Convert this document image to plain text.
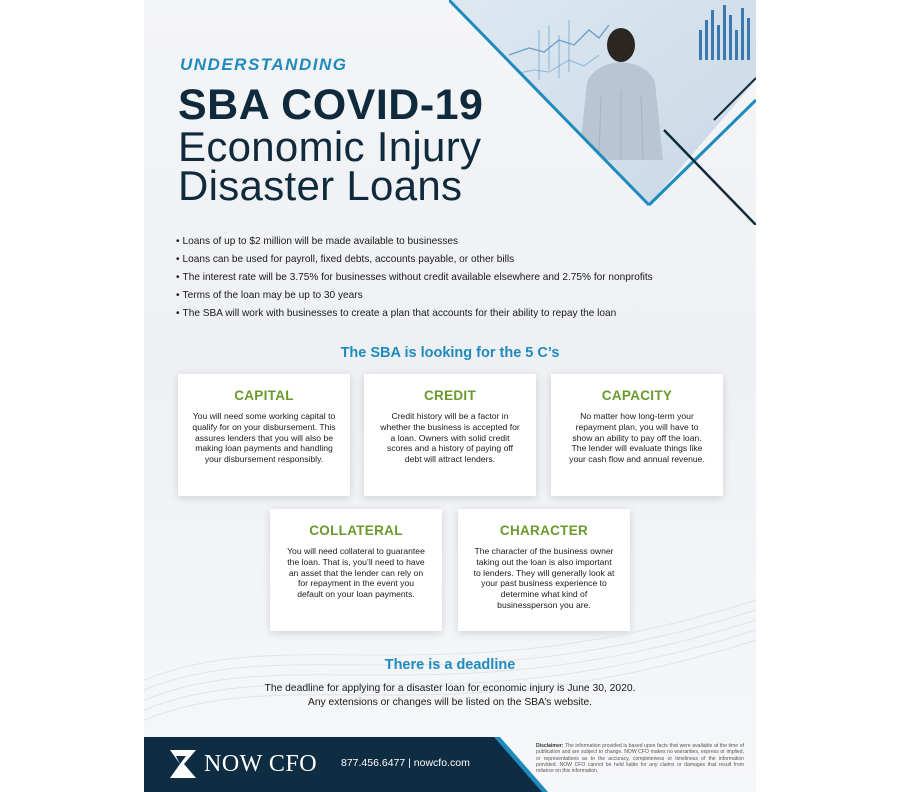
UNDERSTANDING
SBA COVID-19
Economic Injury
Disaster Loans
• Loans of up to $2 million will be made available to businesses
• Loans can be used for payroll, fixed debts, accounts payable, or other bills
• The interest rate will be 3.75% for businesses without credit available elsewhere and 2.75% for nonprofits
• Terms of the loan may be up to 30 years
• The SBA will work with businesses to create a plan that accounts for their ability to repay the loan
The SBA is looking for the 5 C’s
CAPITAL
You will need some working capital to qualify for on your disbursement. This assures lenders that you will also be making loan payments and handling your disbursement responsibly.
CREDIT
Credit history will be a factor in whether the business is accepted for a loan. Owners with solid credit scores and a history of paying off debt will attract lenders.
CAPACITY
No matter how long-term your repayment plan, you will have to show an ability to pay off the loan. The lender will evaluate things like your cash flow and annual revenue.
COLLATERAL
You will need collateral to guarantee the loan. That is, you’ll need to have an asset that the lender can rely on for repayment in the event you default on your loan payments.
CHARACTER
The character of the business owner taking out the loan is also important to lenders. They will generally look at your past business experience to determine what kind of businessperson you are.
There is a deadline
The deadline for applying for a disaster loan for economic injury is June 30, 2020.
Any extensions or changes will be listed on the SBA’s website.
NOW CFO 877.456.6477 | nowcfo.com
Disclaimer: The information provided is based upon facts that were available at the time of publication and are subject to change. NOW CFO makes no warranties, express or implied, or representations as to the accuracy, completeness or timeliness of the information provided. NOW CFO cannot be held liable for any claims or damages that result from reliance on this information.
